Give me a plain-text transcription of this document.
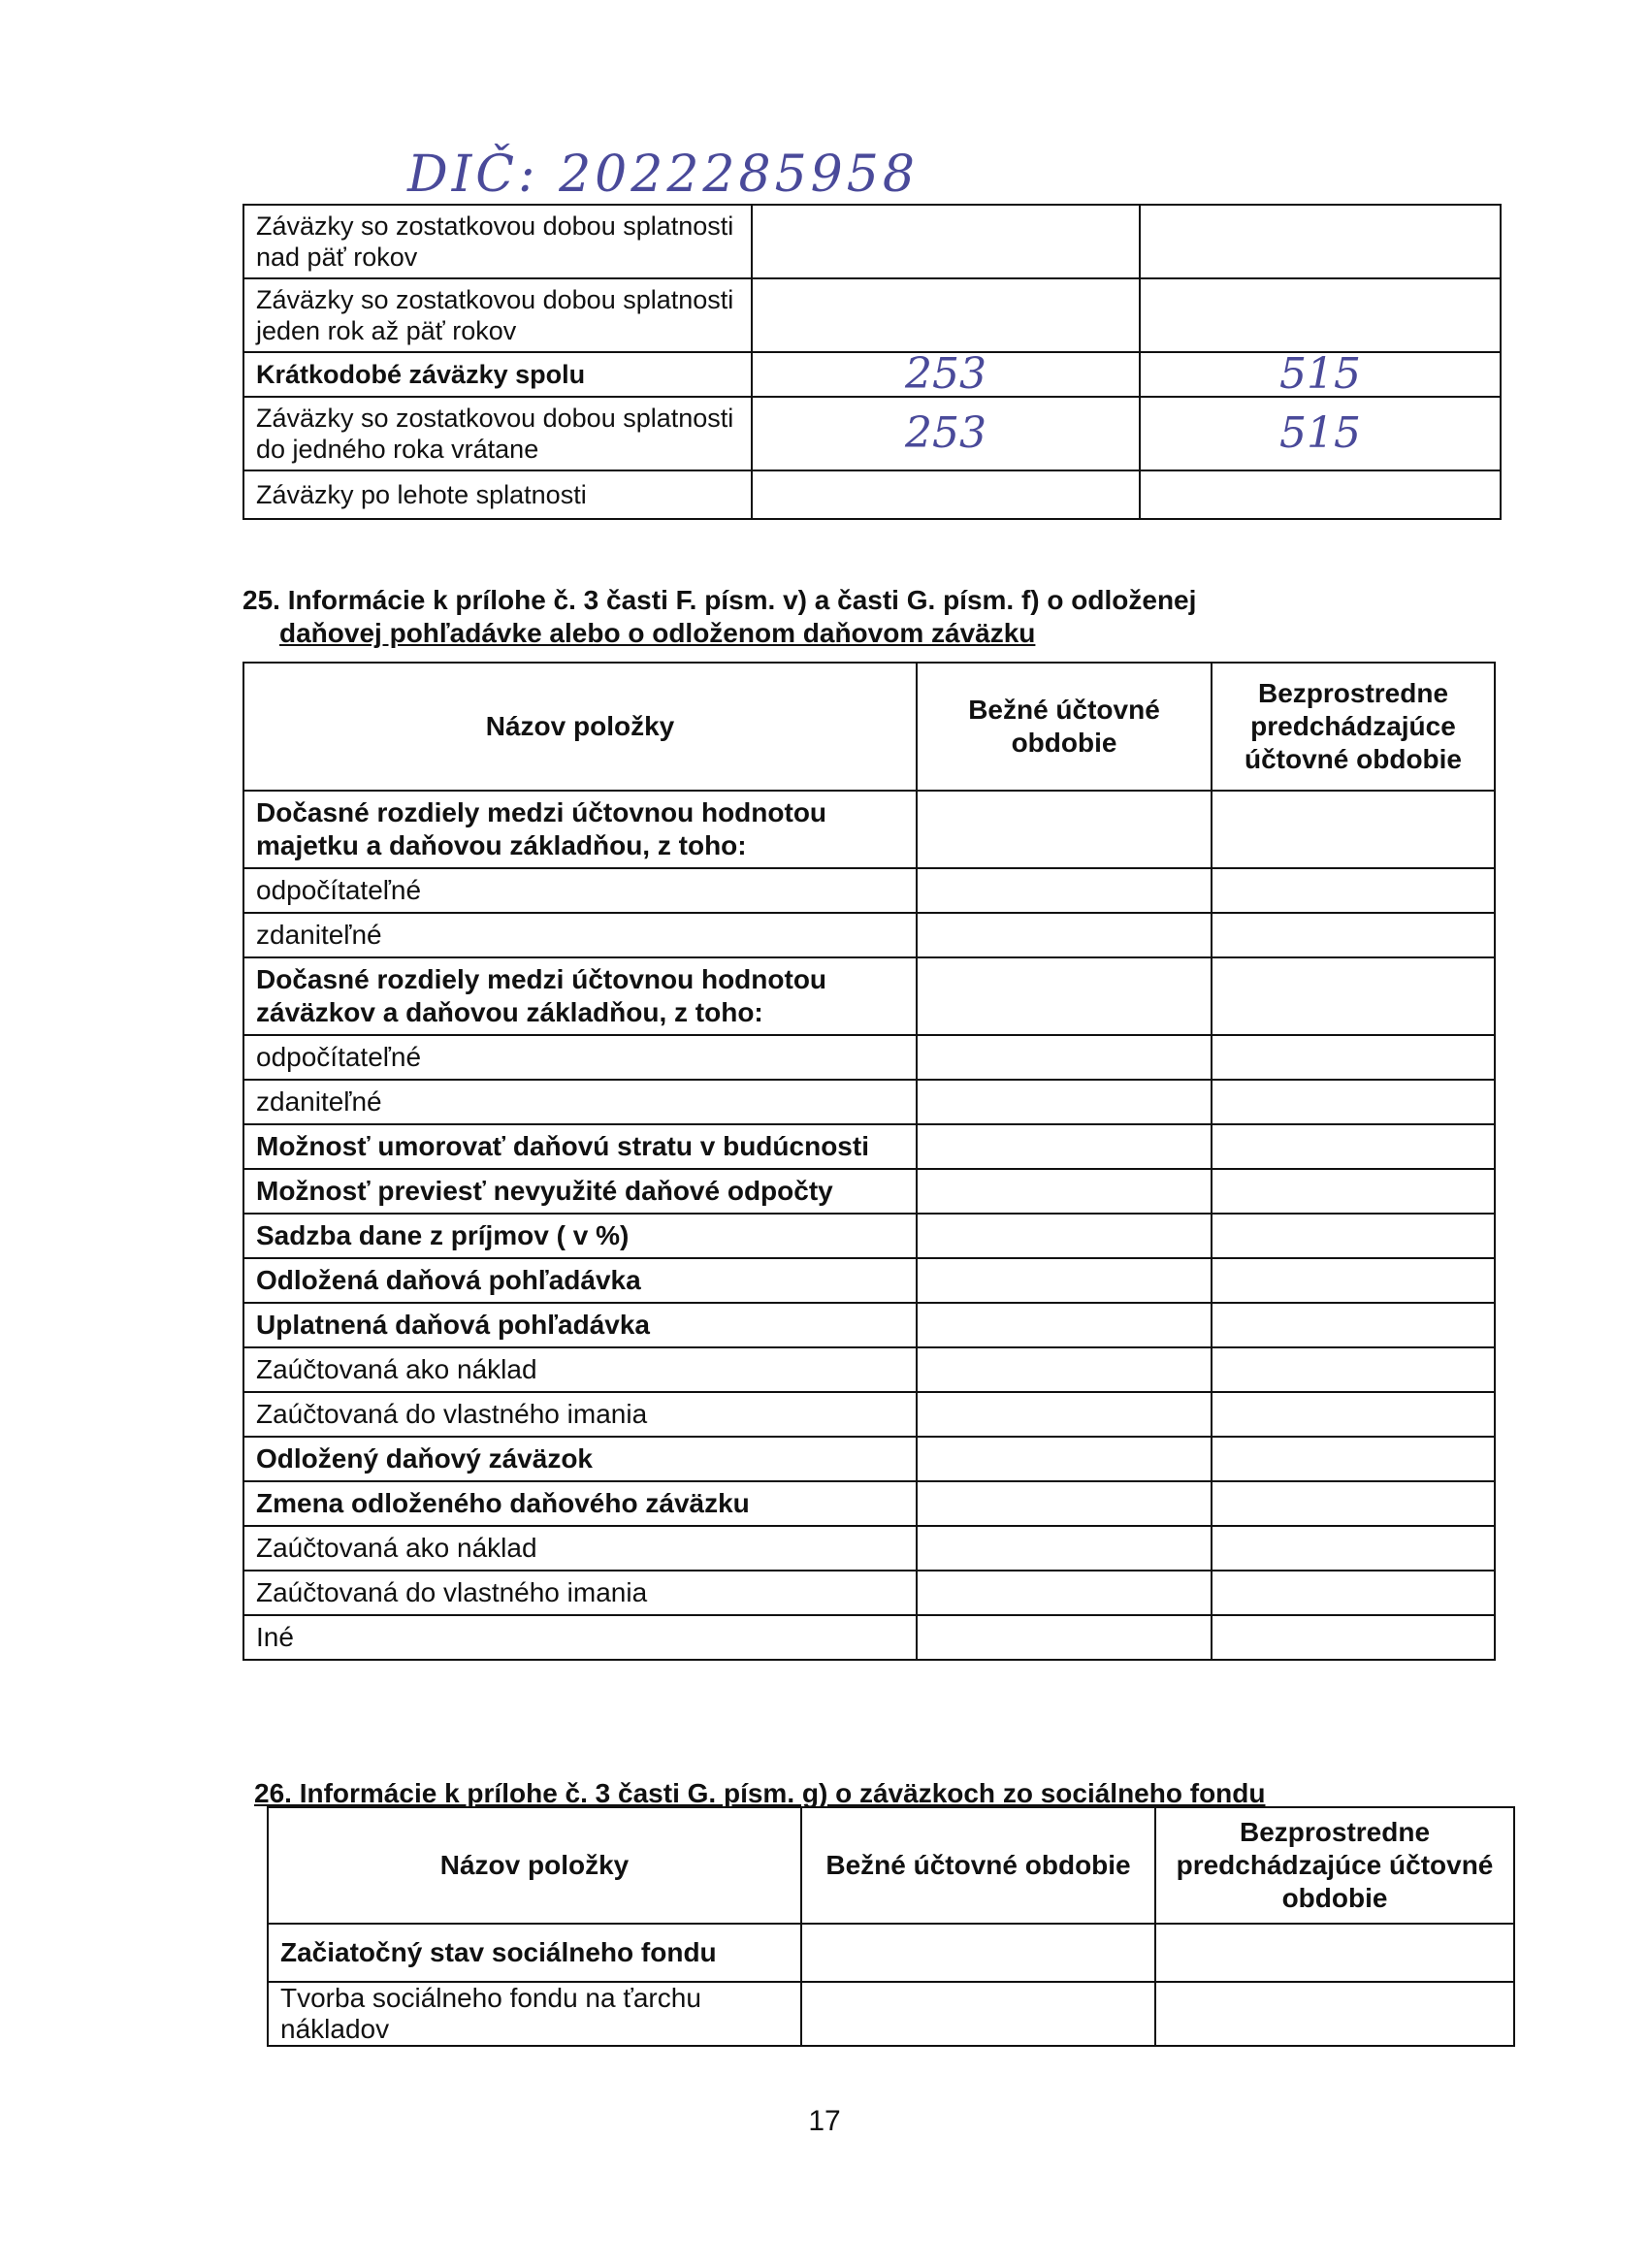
DIČ: 2022285958
Záväzky so zostatkovou dobou splatnosti nad päť rokov		
Záväzky so zostatkovou dobou splatnosti jeden rok až päť rokov		
Krátkodobé záväzky spolu	253	515
Záväzky so zostatkovou dobou splatnosti do jedného roka vrátane	253	515
Záväzky po lehote splatnosti		
25. Informácie k prílohe č. 3 časti F. písm. v) a časti G. písm. f) o odloženej
daňovej pohľadávke alebo o odloženom daňovom záväzku
Názov položky	Bežné účtovné obdobie	Bezprostredne predchádzajúce účtovné obdobie
Dočasné rozdiely medzi účtovnou hodnotou majetku a daňovou základňou, z toho:		
odpočítateľné		
zdaniteľné		
Dočasné rozdiely medzi účtovnou hodnotou záväzkov a daňovou základňou, z toho:		
odpočítateľné		
zdaniteľné		
Možnosť umorovať daňovú stratu v budúcnosti		
Možnosť previesť nevyužité daňové odpočty		
Sadzba dane z príjmov ( v %)		
Odložená daňová pohľadávka		
Uplatnená daňová pohľadávka		
Zaúčtovaná ako náklad		
Zaúčtovaná do vlastného imania		
Odložený daňový záväzok		
Zmena odloženého daňového záväzku		
Zaúčtovaná ako náklad		
Zaúčtovaná do vlastného imania		
Iné		
26. Informácie k prílohe č. 3 časti G. písm. g) o záväzkoch zo sociálneho fondu
Názov položky	Bežné účtovné obdobie	Bezprostredne predchádzajúce účtovné obdobie
Začiatočný stav sociálneho fondu		
Tvorba sociálneho fondu na ťarchu nákladov		
17
